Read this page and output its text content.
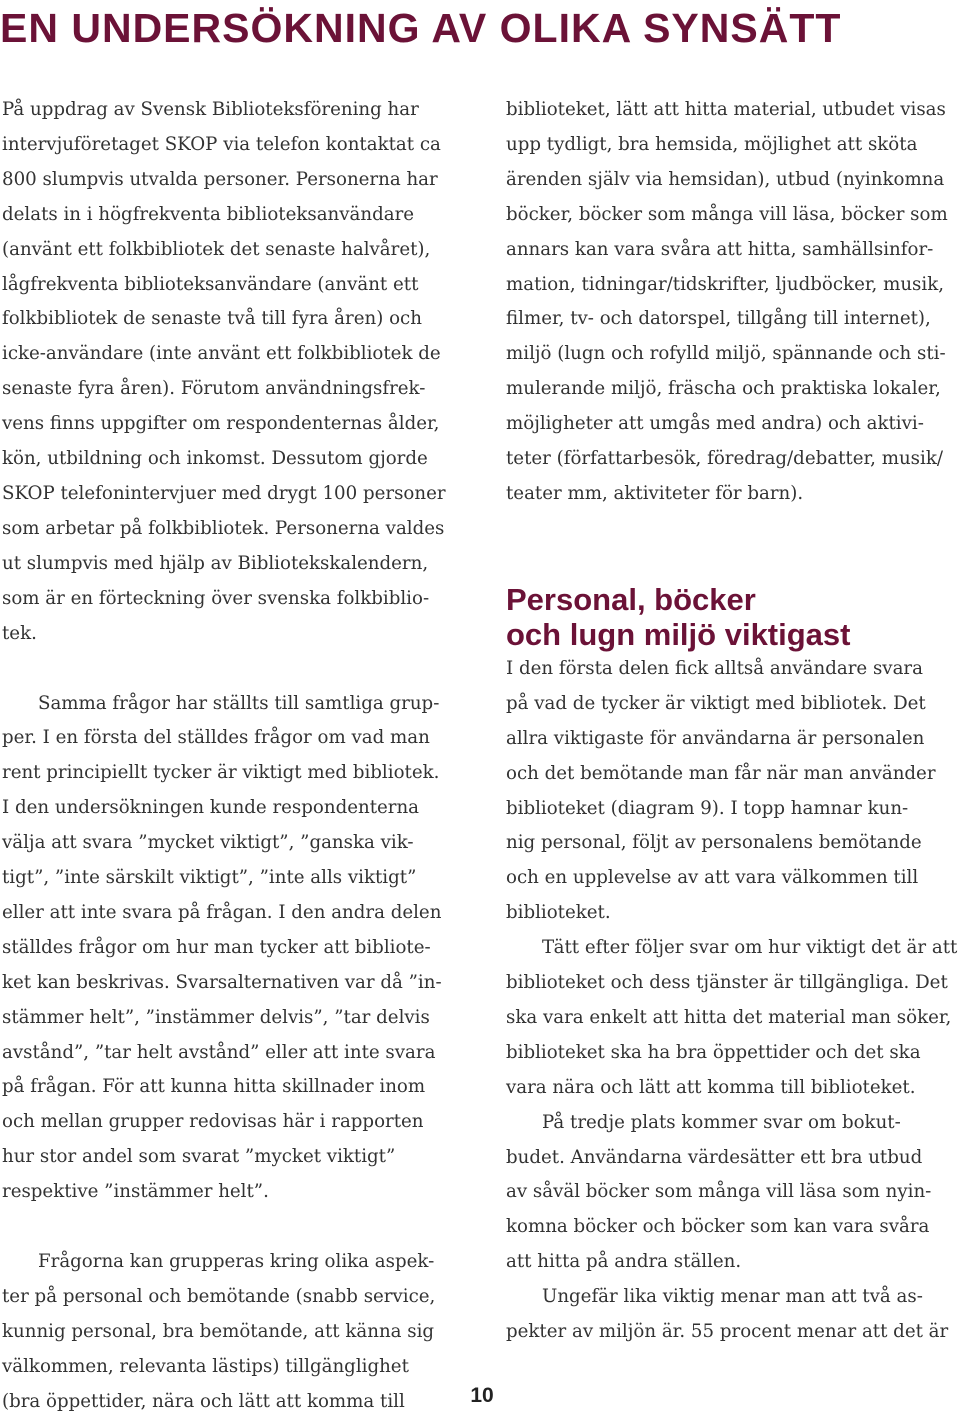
EN UNDERSÖKNING AV OLIKA SYNSÄTT

På uppdrag av Svensk Biblioteksförening har
intervjuföretaget SKOP via telefon kontaktat ca
800 slumpvis utvalda personer. Personerna har
delats in i högfrekventa biblioteksanvändare
(använt ett folkbibliotek det senaste halvåret),
lågfrekventa biblioteksanvändare (använt ett
folkbibliotek de senaste två till fyra åren) och
icke-användare (inte använt ett folkbibliotek de
senaste fyra åren). Förutom användningsfrek-
vens finns uppgifter om respondenternas ålder,
kön, utbildning och inkomst. Dessutom gjorde
SKOP telefonintervjuer med drygt 100 personer
som arbetar på folkbibliotek. Personerna valdes
ut slumpvis med hjälp av Bibliotekskalendern,
som är en förteckning över svenska folkbiblio-
tek.

Samma frågor har ställts till samtliga grup-
per. I en första del ställdes frågor om vad man
rent principiellt tycker är viktigt med bibliotek.
I den undersökningen kunde respondenterna
välja att svara ”mycket viktigt”, ”ganska vik-
tigt”, ”inte särskilt viktigt”, ”inte alls viktigt”
eller att inte svara på frågan. I den andra delen
ställdes frågor om hur man tycker att bibliote-
ket kan beskrivas. Svarsalternativen var då ”in-
stämmer helt”, ”instämmer delvis”, ”tar delvis
avstånd”, ”tar helt avstånd” eller att inte svara
på frågan. För att kunna hitta skillnader inom
och mellan grupper redovisas här i rapporten
hur stor andel som svarat ”mycket viktigt”
respektive ”instämmer helt”.

Frågorna kan grupperas kring olika aspek-
ter på personal och bemötande (snabb service,
kunnig personal, bra bemötande, att känna sig
välkommen, relevanta lästips) tillgänglighet
(bra öppettider, nära och lätt att komma till

biblioteket, lätt att hitta material, utbudet visas
upp tydligt, bra hemsida, möjlighet att sköta
ärenden själv via hemsidan), utbud (nyinkomna
böcker, böcker som många vill läsa, böcker som
annars kan vara svåra att hitta, samhällsinfor-
mation, tidningar/tidskrifter, ljudböcker, musik,
filmer, tv- och datorspel, tillgång till internet),
miljö (lugn och rofylld miljö, spännande och sti-
mulerande miljö, fräscha och praktiska lokaler,
möjligheter att umgås med andra) och aktivi-
teter (författarbesök, föredrag/debatter, musik/
teater mm, aktiviteter för barn).

Personal, böcker
och lugn miljö viktigast

I den första delen fick alltså användare svara
på vad de tycker är viktigt med bibliotek. Det
allra viktigaste för användarna är personalen
och det bemötande man får när man använder
biblioteket (diagram 9). I topp hamnar kun-
nig personal, följt av personalens bemötande
och en upplevelse av att vara välkommen till
biblioteket.

Tätt efter följer svar om hur viktigt det är att
biblioteket och dess tjänster är tillgängliga. Det
ska vara enkelt att hitta det material man söker,
biblioteket ska ha bra öppettider och det ska
vara nära och lätt att komma till biblioteket.

På tredje plats kommer svar om bokut-
budet. Användarna värdesätter ett bra utbud
av såväl böcker som många vill läsa som nyin-
komna böcker och böcker som kan vara svåra
att hitta på andra ställen.

Ungefär lika viktig menar man att två as-
pekter av miljön är. 55 procent menar att det är

10
